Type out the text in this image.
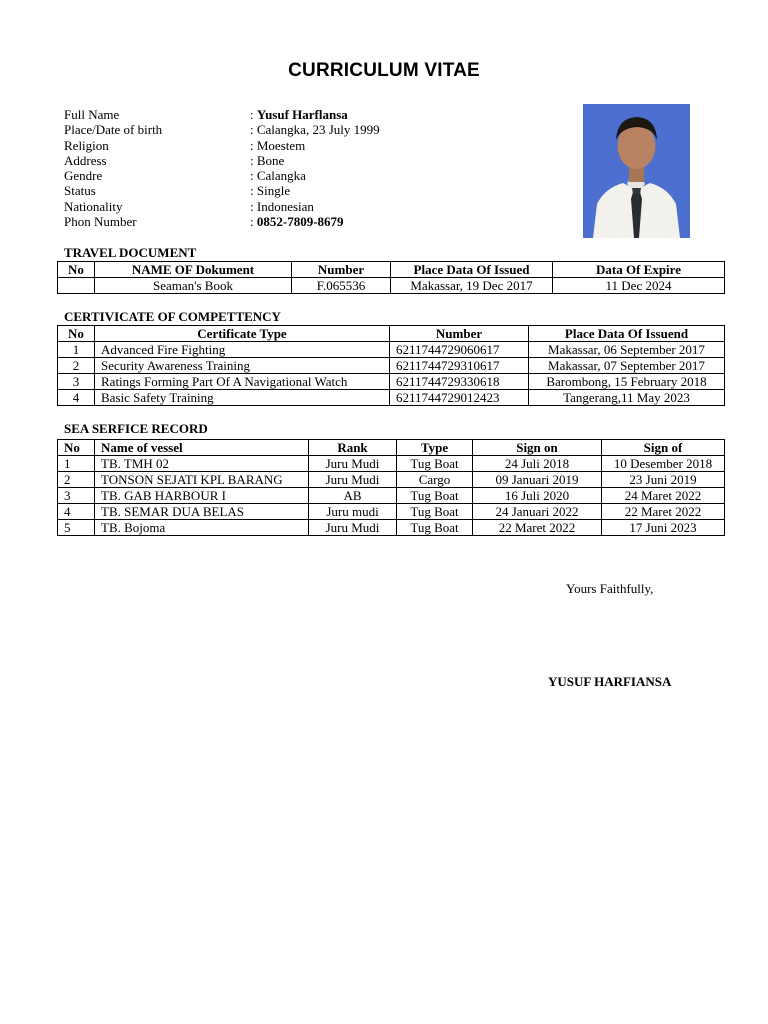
CURRICULUM VITAE
Full Name	: Yusuf Harflansa
Place/Date of birth	: Calangka, 23 July 1999
Religion	: Moestem
Address	: Bone
Gendre	: Calangka
Status	: Single
Nationality	: Indonesian
Phon Number	: 0852-7809-8679
TRAVEL DOCUMENT
No	NAME OF Dokument	Number	Place Data Of Issued	Data Of Expire
	Seaman's Book	F.065536	Makassar, 19 Dec 2017	11 Dec 2024
CERTIVICATE OF COMPETTENCY
No	Certificate Type	Number	Place Data Of Issuend
1	Advanced Fire Fighting	6211744729060617	Makassar, 06 September 2017
2	Security Awareness Training	6211744729310617	Makassar, 07 September 2017
3	Ratings Forming Part Of A Navigational Watch	6211744729330618	Barombong, 15 February 2018
4	Basic Safety Training	6211744729012423	Tangerang,11 May 2023
SEA SERFICE RECORD
No	Name of vessel	Rank	Type	Sign on	Sign of
1	TB. TMH 02	Juru Mudi	Tug Boat	24 Juli 2018	10 Desember 2018
2	TONSON SEJATI KPL BARANG	Juru Mudi	Cargo	09 Januari 2019	23 Juni 2019
3	TB. GAB HARBOUR I	AB	Tug Boat	16 Juli 2020	24 Maret 2022
4	TB. SEMAR DUA BELAS	Juru mudi	Tug Boat	24 Januari 2022	22 Maret 2022
5	TB. Bojoma	Juru Mudi	Tug Boat	22 Maret 2022	17 Juni 2023
Yours Faithfully,
YUSUF HARFIANSA
